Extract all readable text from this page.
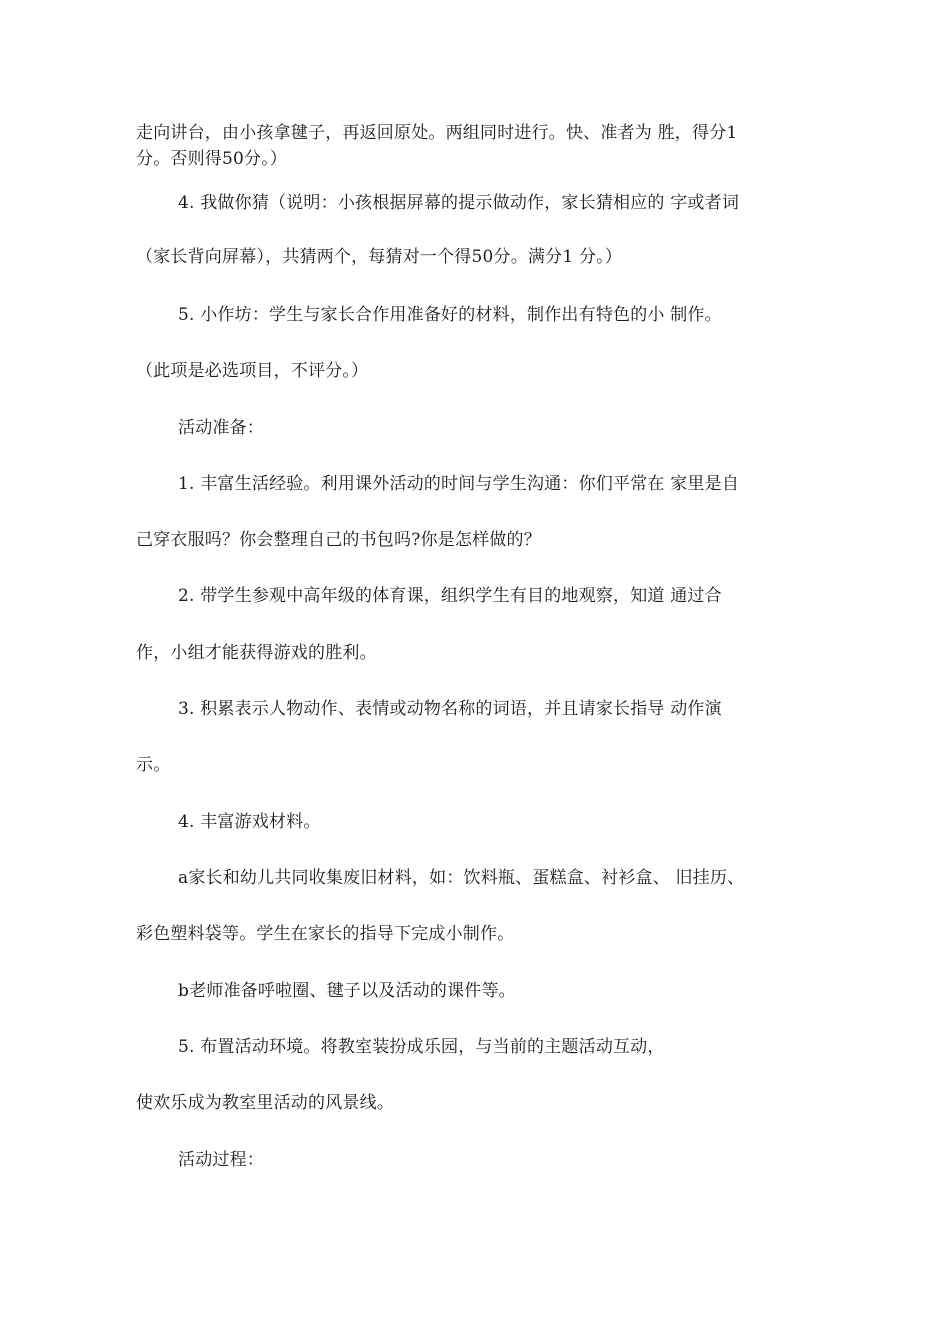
走向讲台，由小孩拿毽子，再返回原处。两组同时进行。快、准者为 胜，得分1
分。否则得50分。）
4. 我做你猜（说明：小孩根据屏幕的提示做动作，家长猜相应的 字或者词
（家长背向屏幕），共猜两个，每猜对一个得50分。满分1 分。）
5. 小作坊：学生与家长合作用准备好的材料，制作出有特色的小 制作。
（此项是必选项目，不评分。）
活动准备：
1. 丰富生活经验。利用课外活动的时间与学生沟通：你们平常在 家里是自
己穿衣服吗？你会整理自己的书包吗?你是怎样做的？
2. 带学生参观中高年级的体育课，组织学生有目的地观察，知道 通过合
作，小组才能获得游戏的胜利。
3. 积累表示人物动作、表情或动物名称的词语，并且请家长指导 动作演
示。
4. 丰富游戏材料。
a家长和幼儿共同收集废旧材料，如：饮料瓶、蛋糕盒、衬衫盒、 旧挂历、
彩色塑料袋等。学生在家长的指导下完成小制作。
b老师准备呼啦圈、毽子以及活动的课件等。
5. 布置活动环境。将教室装扮成乐园，与当前的主题活动互动，
使欢乐成为教室里活动的风景线。
活动过程：
